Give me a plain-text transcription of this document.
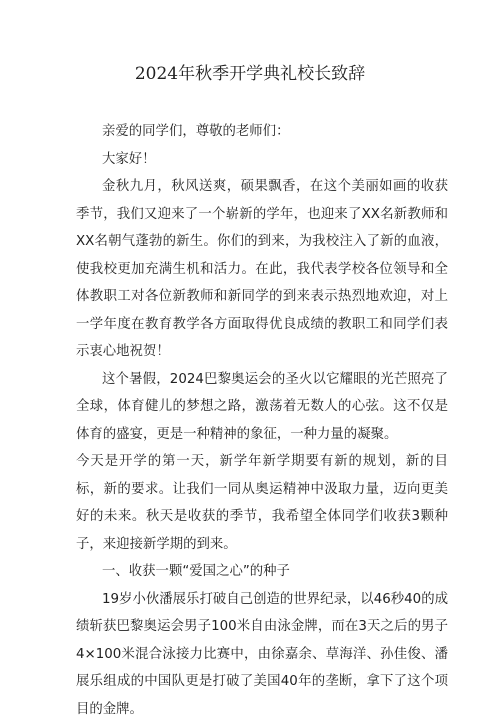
2024年秋季开学典礼校长致辞

亲爱的同学们，尊敬的老师们：

大家好！

金秋九月，秋风送爽，硕果飘香，在这个美丽如画的收获季节，我们又迎来了一个崭新的学年，也迎来了XX名新教师和XX名朝气蓬勃的新生。你们的到来，为我校注入了新的血液，使我校更加充满生机和活力。在此，我代表学校各位领导和全体教职工对各位新教师和新同学的到来表示热烈地欢迎，对上一学年度在教育教学各方面取得优良成绩的教职工和同学们表示衷心地祝贺！

这个暑假，2024巴黎奥运会的圣火以它耀眼的光芒照亮了全球，体育健儿的梦想之路，激荡着无数人的心弦。这不仅是体育的盛宴，更是一种精神的象征，一种力量的凝聚。

今天是开学的第一天，新学年新学期要有新的规划，新的目标，新的要求。让我们一同从奥运精神中汲取力量，迈向更美好的未来。秋天是收获的季节，我希望全体同学们收获3颗种子，来迎接新学期的到来。

一、收获一颗“爱国之心”的种子

19岁小伙潘展乐打破自己创造的世界纪录，以46秒40的成绩斩获巴黎奥运会男子100米自由泳金牌，而在3天之后的男子4×100米混合泳接力比赛中，由徐嘉余、草海洋、孙佳俊、潘展乐组成的中国队更是打破了美国40年的垄断，拿下了这个项目的金牌。
